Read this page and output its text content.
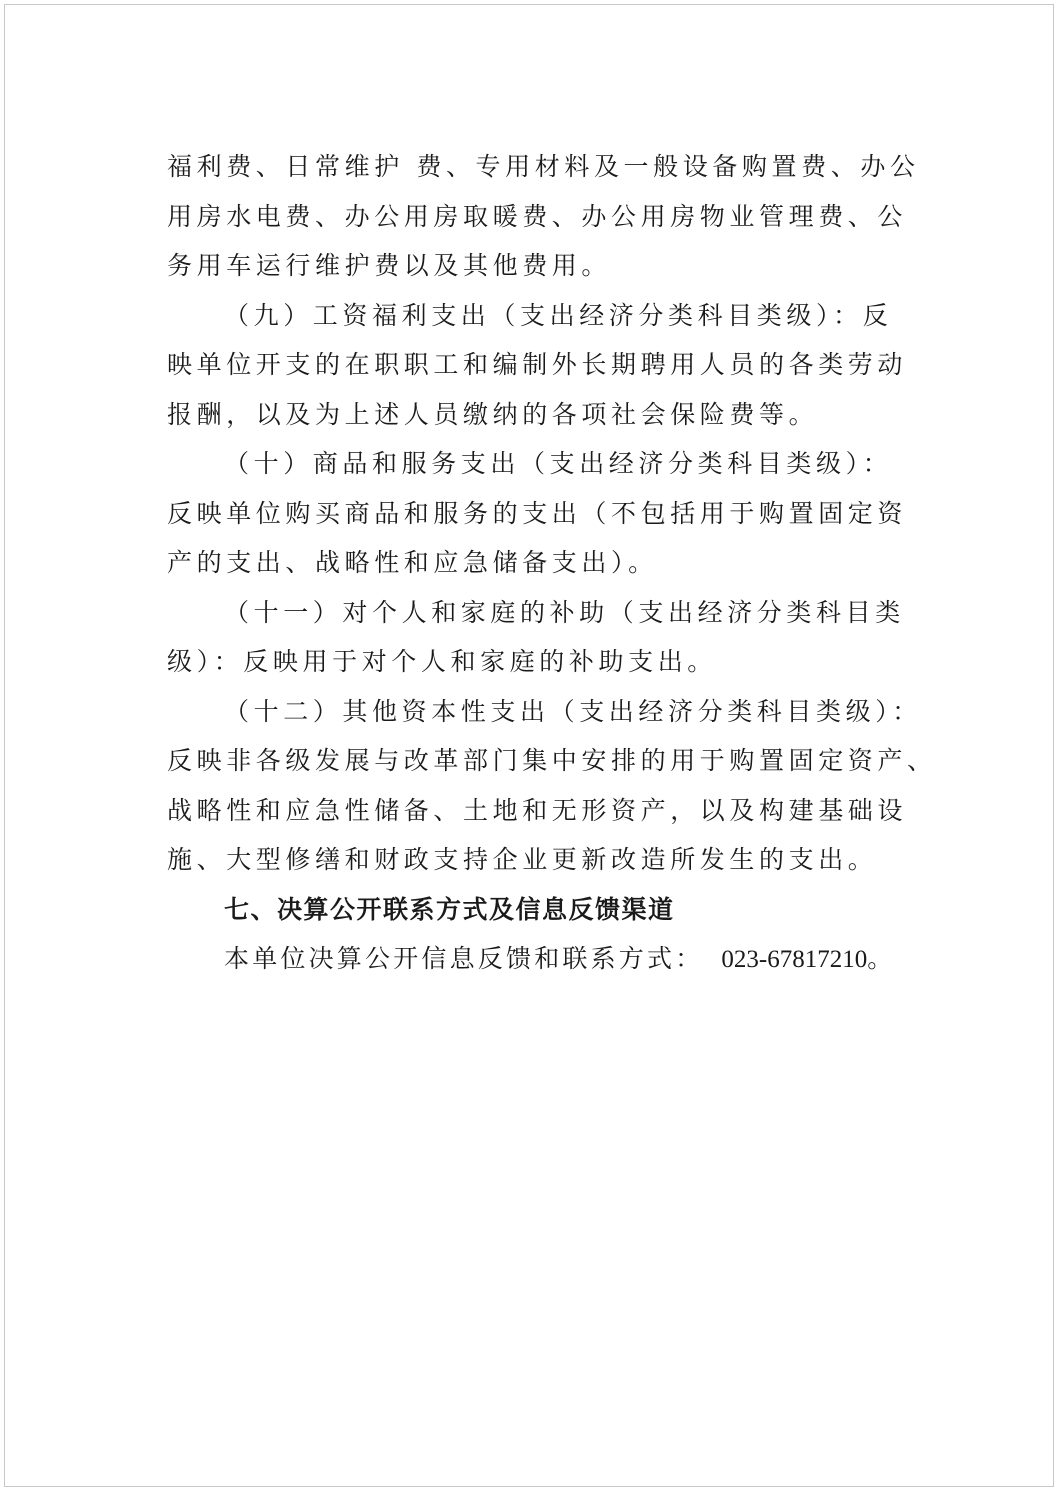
福利费、日常维护 费、专用材料及一般设备购置费、办公
用房水电费、办公用房取暖费、办公用房物业管理费、公
务用车运行维护费以及其他费用。
（九）工资福利支出（支出经济分类科目类级）：反
映单位开支的在职职工和编制外长期聘用人员的各类劳动
报酬，以及为上述人员缴纳的各项社会保险费等。
（十）商品和服务支出（支出经济分类科目类级）：
反映单位购买商品和服务的支出（不包括用于购置固定资
产的支出、战略性和应急储备支出）。
（十一）对个人和家庭的补助（支出经济分类科目类
级）：反映用于对个人和家庭的补助支出。
（十二）其他资本性支出（支出经济分类科目类级）：
反映非各级发展与改革部门集中安排的用于购置固定资产、
战略性和应急性储备、土地和无形资产，以及构建基础设
施、大型修缮和财政支持企业更新改造所发生的支出。
七、决算公开联系方式及信息反馈渠道
本单位决算公开信息反馈和联系方式： 023-67817210。
